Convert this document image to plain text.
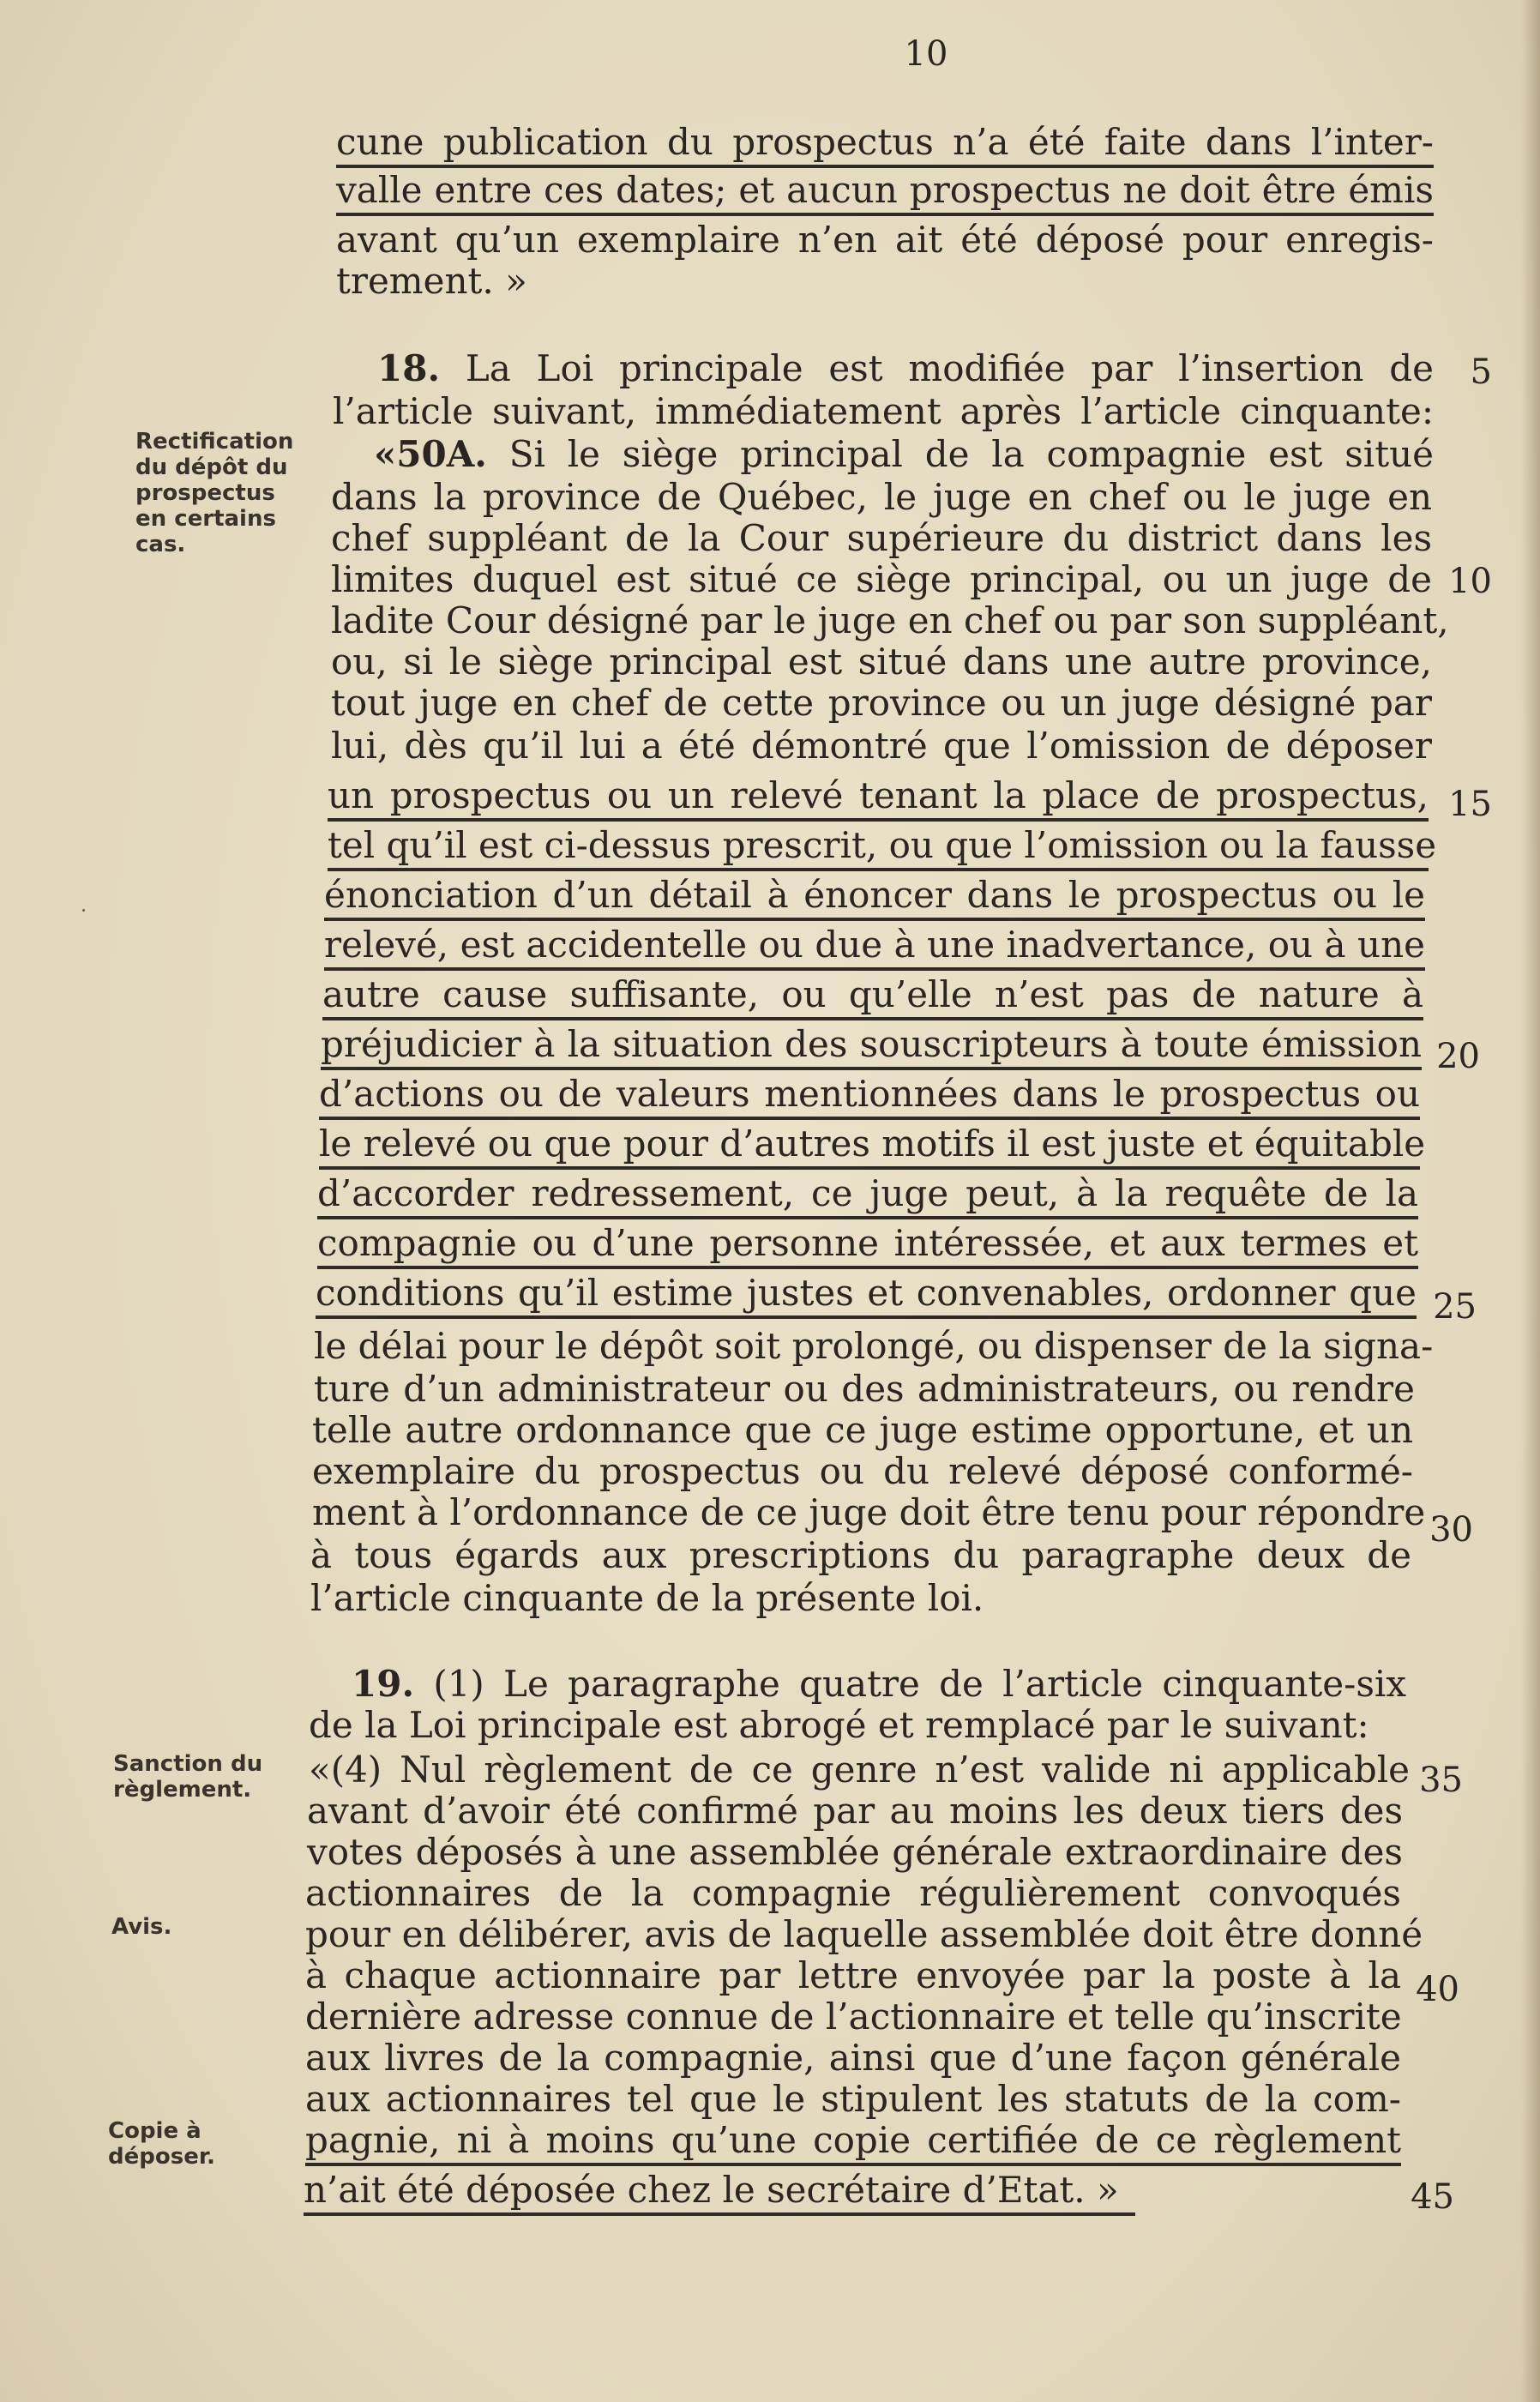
10
cune publication du prospectus n’a été faite dans l’inter-
valle entre ces dates; et aucun prospectus ne doit être émis
avant qu’un exemplaire n’en ait été déposé pour enregis-
trement. »
18. La Loi principale est modifiée par l’insertion de
l’article suivant, immédiatement après l’article cinquante:
«50A. Si le siège principal de la compagnie est situé
dans la province de Québec, le juge en chef ou le juge en
chef suppléant de la Cour supérieure du district dans les
limites duquel est situé ce siège principal, ou un juge de
ladite Cour désigné par le juge en chef ou par son suppléant,
ou, si le siège principal est situé dans une autre province,
tout juge en chef de cette province ou un juge désigné par
lui, dès qu’il lui a été démontré que l’omission de déposer
un prospectus ou un relevé tenant la place de prospectus,
tel qu’il est ci-dessus prescrit, ou que l’omission ou la fausse
énonciation d’un détail à énoncer dans le prospectus ou le
relevé, est accidentelle ou due à une inadvertance, ou à une
autre cause suffisante, ou qu’elle n’est pas de nature à
préjudicier à la situation des souscripteurs à toute émission
d’actions ou de valeurs mentionnées dans le prospectus ou
le relevé ou que pour d’autres motifs il est juste et équitable
d’accorder redressement, ce juge peut, à la requête de la
compagnie ou d’une personne intéressée, et aux termes et
conditions qu’il estime justes et convenables, ordonner que
le délai pour le dépôt soit prolongé, ou dispenser de la signa-
ture d’un administrateur ou des administrateurs, ou rendre
telle autre ordonnance que ce juge estime opportune, et un
exemplaire du prospectus ou du relevé déposé conformé-
ment à l’ordonnance de ce juge doit être tenu pour répondre
à tous égards aux prescriptions du paragraphe deux de
l’article cinquante de la présente loi.
19. (1) Le paragraphe quatre de l’article cinquante-six
de la Loi principale est abrogé et remplacé par le suivant:
«(4) Nul règlement de ce genre n’est valide ni applicable
avant d’avoir été confirmé par au moins les deux tiers des
votes déposés à une assemblée générale extraordinaire des
actionnaires de la compagnie régulièrement convoqués
pour en délibérer, avis de laquelle assemblée doit être donné
à chaque actionnaire par lettre envoyée par la poste à la
dernière adresse connue de l’actionnaire et telle qu’inscrite
aux livres de la compagnie, ainsi que d’une façon générale
aux actionnaires tel que le stipulent les statuts de la com-
pagnie, ni à moins qu’une copie certifiée de ce règlement
n’ait été déposée chez le secrétaire d’Etat. »
5
10
15
20
25
30
35
40
45
Rectification
du dépôt du
prospectus
en certains
cas.
Sanction du
règlement.
Avis.
Copie à
déposer.
